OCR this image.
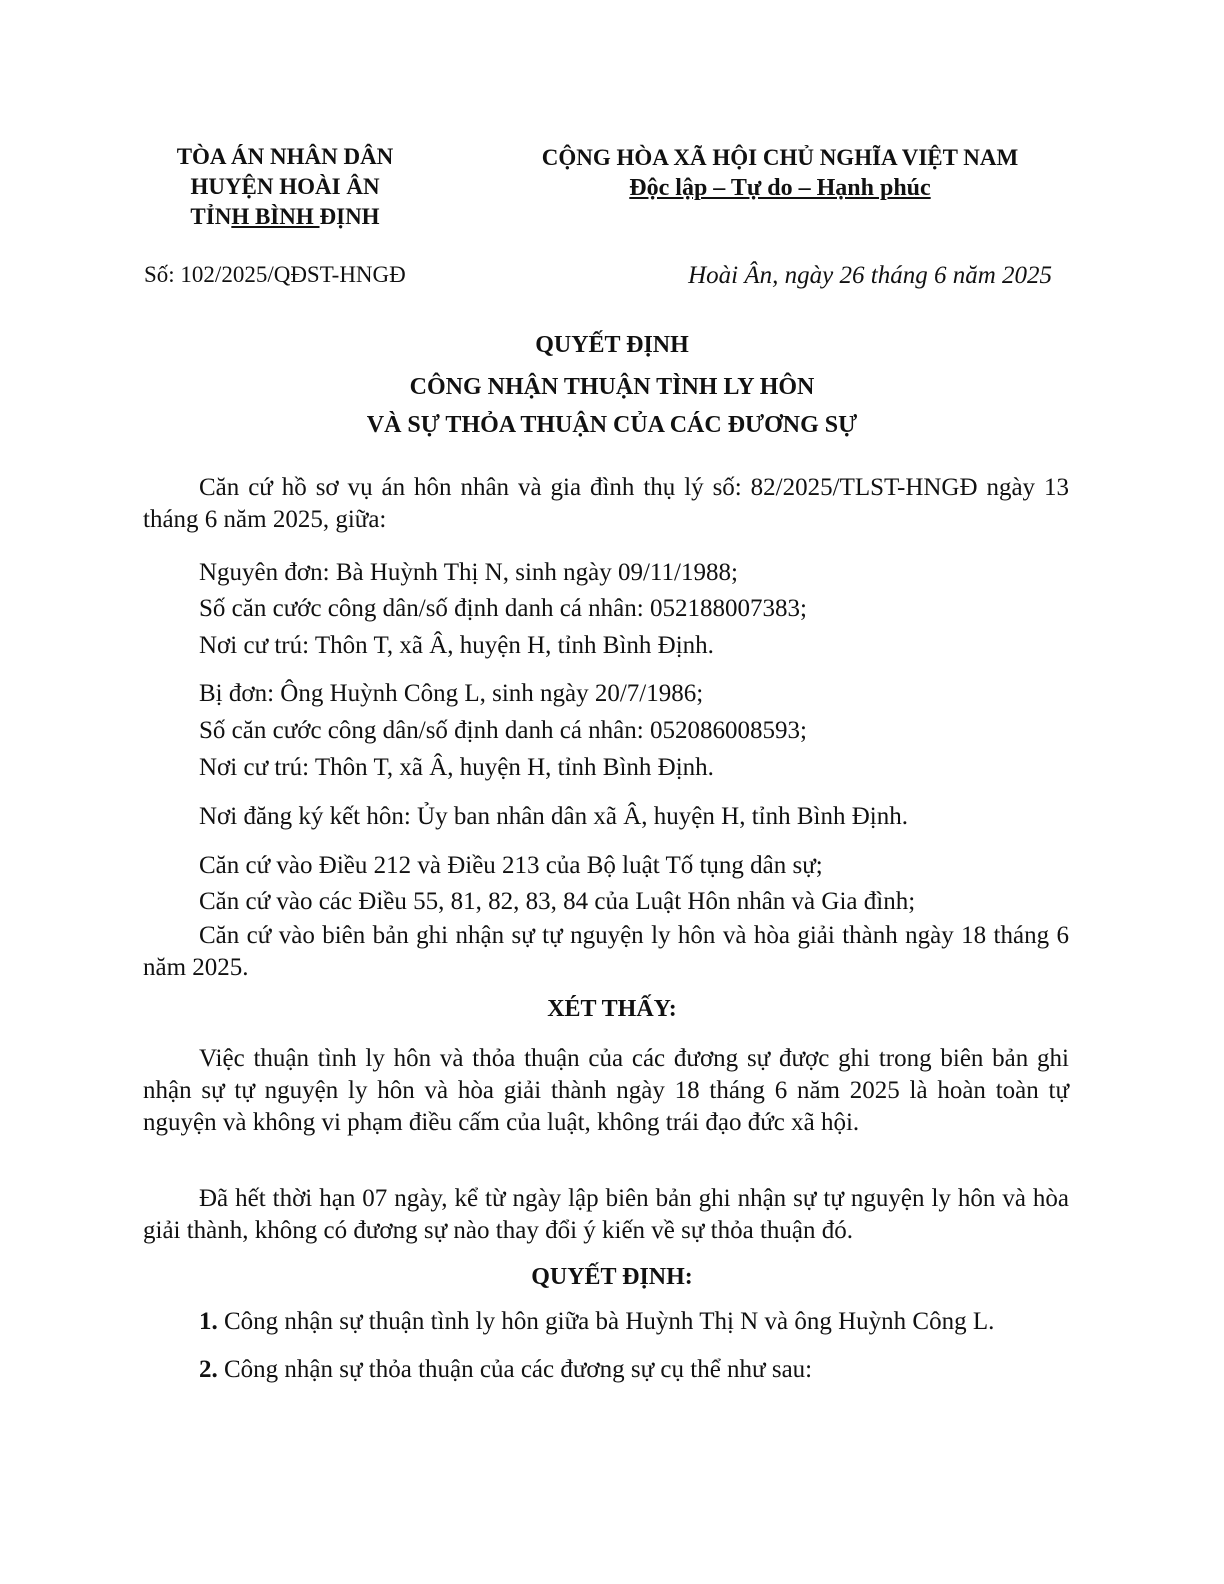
TÒA ÁN NHÂN DÂN
HUYỆN HOÀI ÂN
TỈNH BÌNH ĐỊNH
CỘNG HÒA XÃ HỘI CHỦ NGHĨA VIỆT NAM
Độc lập – Tự do – Hạnh phúc
Số: 102/2025/QĐST-HNGĐ	Hoài Ân, ngày 26 tháng 6 năm 2025
QUYẾT ĐỊNH
CÔNG NHẬN THUẬN TÌNH LY HÔN
VÀ SỰ THỎA THUẬN CỦA CÁC ĐƯƠNG SỰ
Căn cứ hồ sơ vụ án hôn nhân và gia đình thụ lý số: 82/2025/TLST-HNGĐ ngày 13 tháng 6 năm 2025, giữa:
Nguyên đơn: Bà Huỳnh Thị N, sinh ngày 09/11/1988;
Số căn cước công dân/số định danh cá nhân: 052188007383;
Nơi cư trú: Thôn T, xã Â, huyện H, tỉnh Bình Định.
Bị đơn: Ông Huỳnh Công L, sinh ngày 20/7/1986;
Số căn cước công dân/số định danh cá nhân: 052086008593;
Nơi cư trú: Thôn T, xã Â, huyện H, tỉnh Bình Định.
Nơi đăng ký kết hôn: Ủy ban nhân dân xã Â, huyện H, tỉnh Bình Định.
Căn cứ vào Điều 212 và Điều 213 của Bộ luật Tố tụng dân sự;
Căn cứ vào các Điều 55, 81, 82, 83, 84 của Luật Hôn nhân và Gia đình;
Căn cứ vào biên bản ghi nhận sự tự nguyện ly hôn và hòa giải thành ngày 18 tháng 6 năm 2025.
XÉT THẤY:
Việc thuận tình ly hôn và thỏa thuận của các đương sự được ghi trong biên bản ghi nhận sự tự nguyện ly hôn và hòa giải thành ngày 18 tháng 6 năm 2025 là hoàn toàn tự nguyện và không vi phạm điều cấm của luật, không trái đạo đức xã hội.
Đã hết thời hạn 07 ngày, kể từ ngày lập biên bản ghi nhận sự tự nguyện ly hôn và hòa giải thành, không có đương sự nào thay đổi ý kiến về sự thỏa thuận đó.
QUYẾT ĐỊNH:
1. Công nhận sự thuận tình ly hôn giữa bà Huỳnh Thị N và ông Huỳnh Công L.
2. Công nhận sự thỏa thuận của các đương sự cụ thể như sau:
